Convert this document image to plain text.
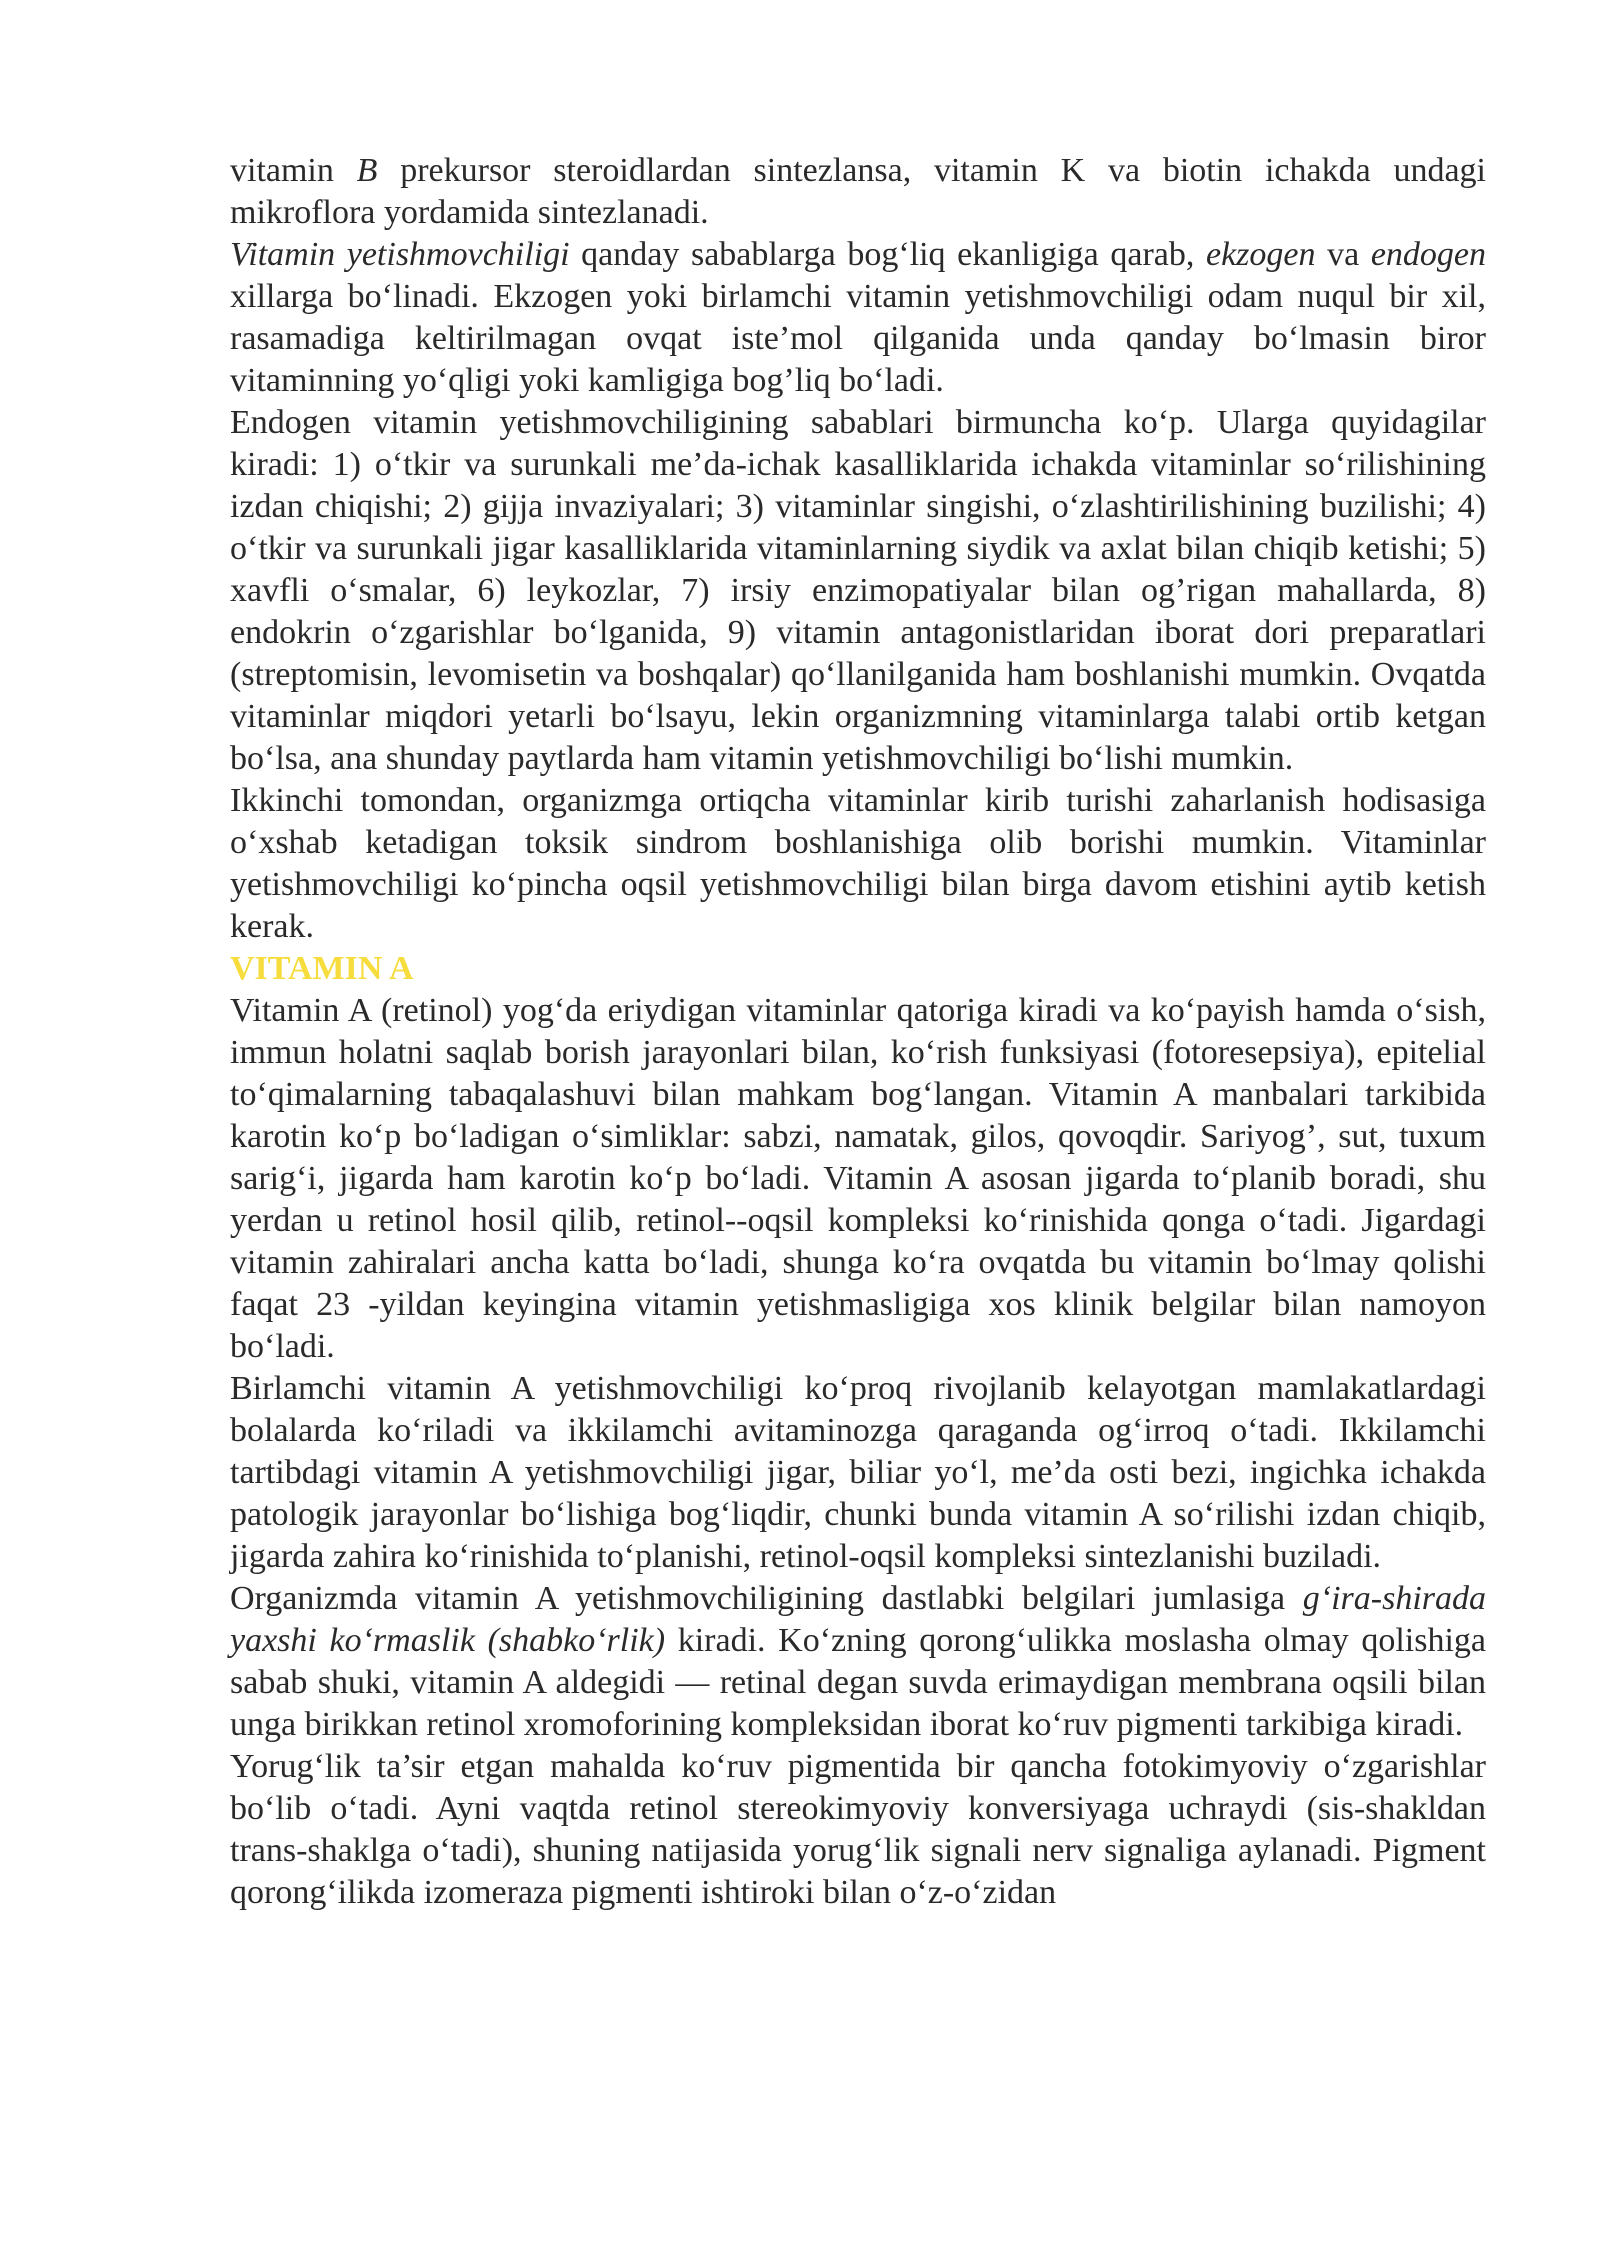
vitamin B prekursor steroidlardan sintezlansa, vitamin K va biotin ichakda undagi mikroflora yordamida sintezlanadi.

Vitamin yetishmovchiligi qanday sabablarga bog‘liq ekanligiga qarab, ekzogen va endogen xillarga bo‘linadi. Ekzogen yoki birlamchi vitamin yetishmovchiligi odam nuqul bir xil, rasamadiga keltirilmagan ovqat iste’mol qilganida unda qanday bo‘lmasin biror vitaminning yo‘qligi yoki kamligiga bog’liq bo‘ladi.

Endogen vitamin yetishmovchiligining sabablari birmuncha ko‘p. Ularga quyidagilar kiradi: 1) o‘tkir va surunkali me’da-ichak kasalliklarida ichakda vitaminlar so‘rilishining izdan chiqishi; 2) gijja invaziyalari; 3) vitaminlar singishi, o‘zlashtirilishining buzilishi; 4) o‘tkir va surunkali jigar kasalliklarida vitaminlarning siydik va axlat bilan chiqib ketishi; 5) xavfli o‘smalar, 6) leykozlar, 7) irsiy enzimopatiyalar bilan og’rigan mahallarda, 8) endokrin o‘zgarishlar bo‘lganida, 9) vitamin antagonistlaridan iborat dori preparatlari (streptomisin, levomisetin va boshqalar) qo‘llanilganida ham boshlanishi mumkin. Ovqatda vitaminlar miqdori yetarli bo‘lsayu, lekin organizmning vitaminlarga talabi ortib ketgan bo‘lsa, ana shunday paytlarda ham vitamin yetishmovchiligi bo‘lishi mumkin.

Ikkinchi tomondan, organizmga ortiqcha vitaminlar kirib turishi zaharlanish hodisasiga o‘xshab ketadigan toksik sindrom boshlanishiga olib borishi mumkin. Vitaminlar yetishmovchiligi ko‘pincha oqsil yetishmovchiligi bilan birga davom etishini aytib ketish kerak.

VITAMIN A

Vitamin A (retinol) yog‘da eriydigan vitaminlar qatoriga kiradi va ko‘payish hamda o‘sish, immun holatni saqlab borish jarayonlari bilan, ko‘rish funksiyasi (fotoresepsiya), epitelial to‘qimalarning tabaqalashuvi bilan mahkam bog‘langan. Vitamin A manbalari tarkibida karotin ko‘p bo‘ladigan o‘simliklar: sabzi, namatak, gilos, qovoqdir. Sariyog’, sut, tuxum sarig‘i, jigarda ham karotin ko‘p bo‘ladi. Vitamin A asosan jigarda to‘planib boradi, shu yerdan u retinol hosil qilib, retinol--oqsil kompleksi ko‘rinishida qonga o‘tadi. Jigardagi vitamin zahiralari ancha katta bo‘ladi, shunga ko‘ra ovqatda bu vitamin bo‘lmay qolishi faqat 23 -yildan keyingina vitamin yetishmasligiga xos klinik belgilar bilan namoyon bo‘ladi.

Birlamchi vitamin A yetishmovchiligi ko‘proq rivojlanib kelayotgan mamlakatlardagi bolalarda ko‘riladi va ikkilamchi avitaminozga qaraganda og‘irroq o‘tadi. Ikkilamchi tartibdagi vitamin A yetishmovchiligi jigar, biliar yo‘l, me’da osti bezi, ingichka ichakda patologik jarayonlar bo‘lishiga bog‘liqdir, chunki bunda vitamin A so‘rilishi izdan chiqib, jigarda zahira ko‘rinishida to‘planishi, retinol-oqsil kompleksi sintezlanishi buziladi.

Organizmda vitamin A yetishmovchiligining dastlabki belgilari jumlasiga g‘ira-shirada yaxshi ko‘rmaslik (shabko‘rlik) kiradi. Ko‘zning qorong‘ulikka moslasha olmay qolishiga sabab shuki, vitamin A aldegidi — retinal degan suvda erimaydigan membrana oqsili bilan unga birikkan retinol xromoforining kompleksidan iborat ko‘ruv pigmenti tarkibiga kiradi.

Yorug‘lik ta’sir etgan mahalda ko‘ruv pigmentida bir qancha fotokimyoviy o‘zgarishlar bo‘lib o‘tadi. Ayni vaqtda retinol stereokimyoviy konversiyaga uchraydi (sis-shakldan trans-shaklga o‘tadi), shuning natijasida yorug‘lik signali nerv signaliga aylanadi. Pigment qorong‘ilikda izomeraza pigmenti ishtiroki bilan o‘z-o‘zidan
